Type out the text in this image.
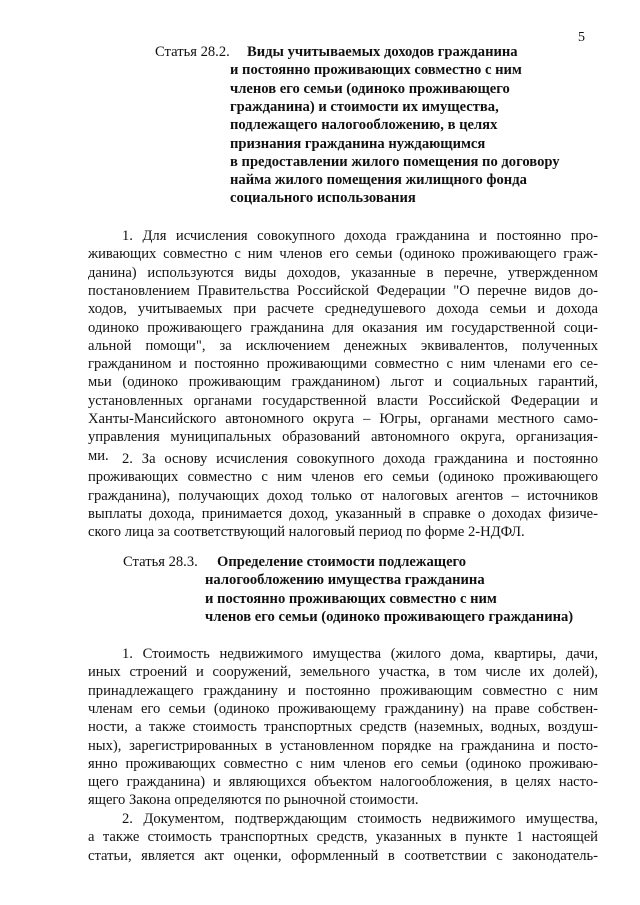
5
Статья 28.2. Виды учитываемых доходов гражданина
и постоянно проживающих совместно с ним
членов его семьи (одиноко проживающего
гражданина) и стоимости их имущества,
подлежащего налогообложению, в целях
признания гражданина нуждающимся
в предоставлении жилого помещения по договору
найма жилого помещения жилищного фонда
социального использования
1. Для исчисления совокупного дохода гражданина и постоянно про-
живающих совместно с ним членов его семьи (одиноко проживающего граж-
данина) используются виды доходов, указанные в перечне, утвержденном
постановлением Правительства Российской Федерации "О перечне видов до-
ходов, учитываемых при расчете среднедушевого дохода семьи и дохода
одиноко проживающего гражданина для оказания им государственной соци-
альной помощи", за исключением денежных эквивалентов, полученных
гражданином и постоянно проживающими совместно с ним членами его се-
мьи (одиноко проживающим гражданином) льгот и социальных гарантий,
установленных органами государственной власти Российской Федерации и
Ханты-Мансийского автономного округа – Югры, органами местного само-
управления муниципальных образований автономного округа, организация-
ми. 2. За основу исчисления совокупного дохода гражданина и постоянно
проживающих совместно с ним членов его семьи (одиноко проживающего
гражданина), получающих доход только от налоговых агентов – источников
выплаты дохода, принимается доход, указанный в справке о доходах физиче-
ского лица за соответствующий налоговый период по форме 2-НДФЛ.
Статья 28.3. Определение стоимости подлежащего
налогообложению имущества гражданина
и постоянно проживающих совместно с ним
членов его семьи (одиноко проживающего гражданина)
1. Стоимость недвижимого имущества (жилого дома, квартиры, дачи,
иных строений и сооружений, земельного участка, в том числе их долей),
принадлежащего гражданину и постоянно проживающим совместно с ним
членам его семьи (одиноко проживающему гражданину) на праве собствен-
ности, а также стоимость транспортных средств (наземных, водных, воздуш-
ных), зарегистрированных в установленном порядке на гражданина и посто-
янно проживающих совместно с ним членов его семьи (одиноко проживаю-
щего гражданина) и являющихся объектом налогообложения, в целях насто-
ящего Закона определяются по рыночной стоимости.
2. Документом, подтверждающим стоимость недвижимого имущества,
а также стоимость транспортных средств, указанных в пункте 1 настоящей
статьи, является акт оценки, оформленный в соответствии с законодатель-
